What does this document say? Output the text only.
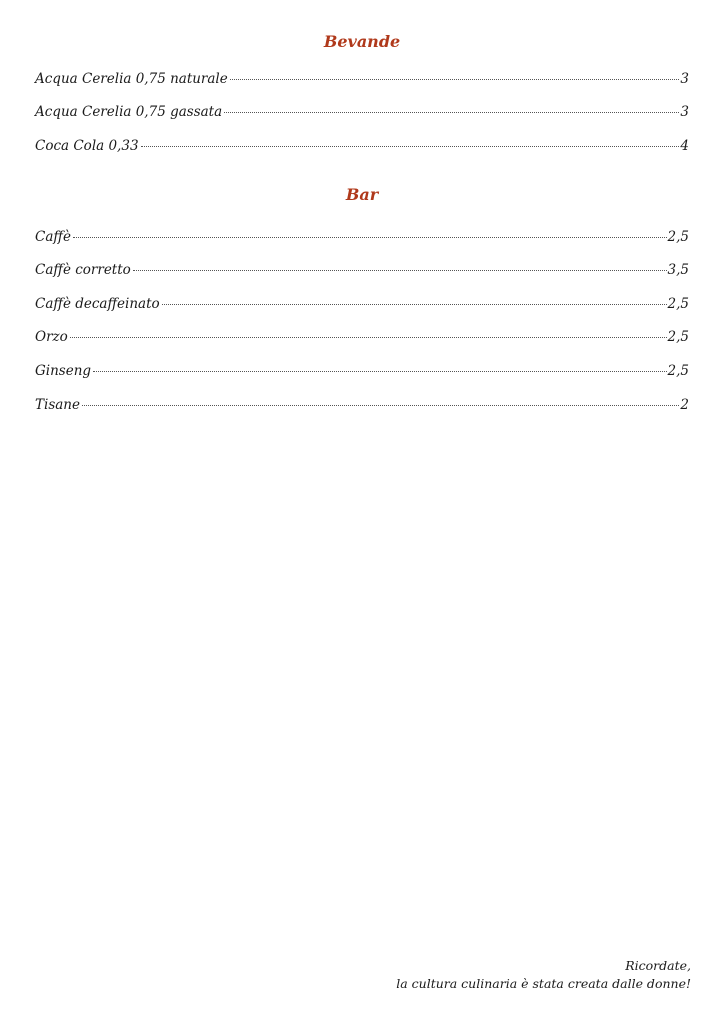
Bevande
Acqua Cerelia 0,75 naturale	3
Acqua Cerelia 0,75 gassata	3
Coca Cola 0,33	4
Bar
Caffè	2,5
Caffè corretto	3,5
Caffè decaffeinato	2,5
Orzo	2,5
Ginseng	2,5
Tisane	2
Ricordate,
la cultura culinaria è stata creata dalle donne!
